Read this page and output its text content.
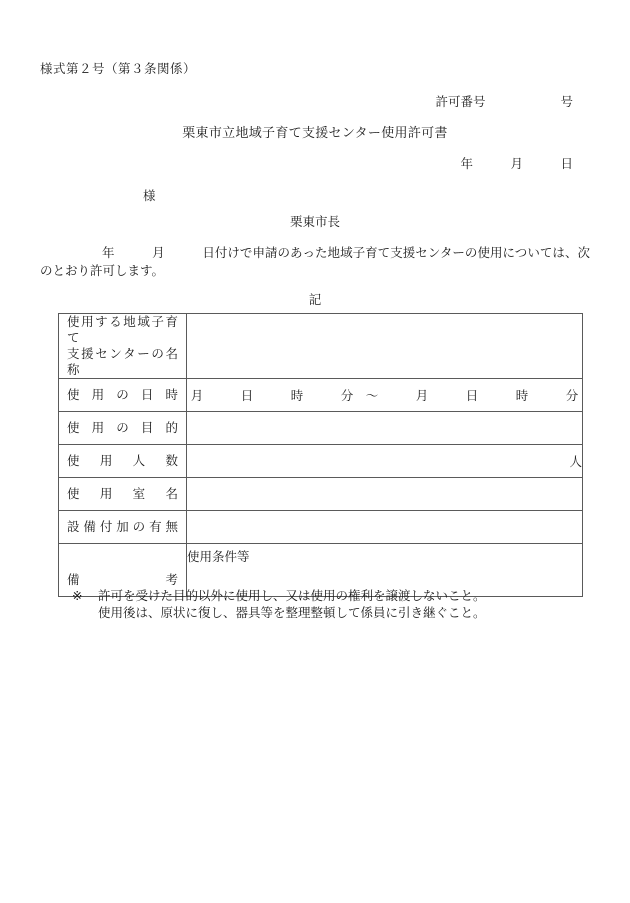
様式第２号（第３条関係）
許可番号　　　　　　号
栗東市立地域子育て支援センター使用許可書
年　　　月　　　日
様
栗東市長
年　　　月　　　日付けで申請のあった地域子育て支援センターの使用については、次のとおり許可します。
記
使用する地域子育て
支援センターの名称	

使用の日時	月　　　日　　　時　　　分　～　　　月　　　日　　　時　　　分

使用の目的	

使用人数	人

使用室名	

設備付加の有無	

備考	使用条件等
※ 許可を受けた目的以外に使用し、又は使用の権利を譲渡しないこと。
使用後は、原状に復し、器具等を整理整頓して係員に引き継ぐこと。
